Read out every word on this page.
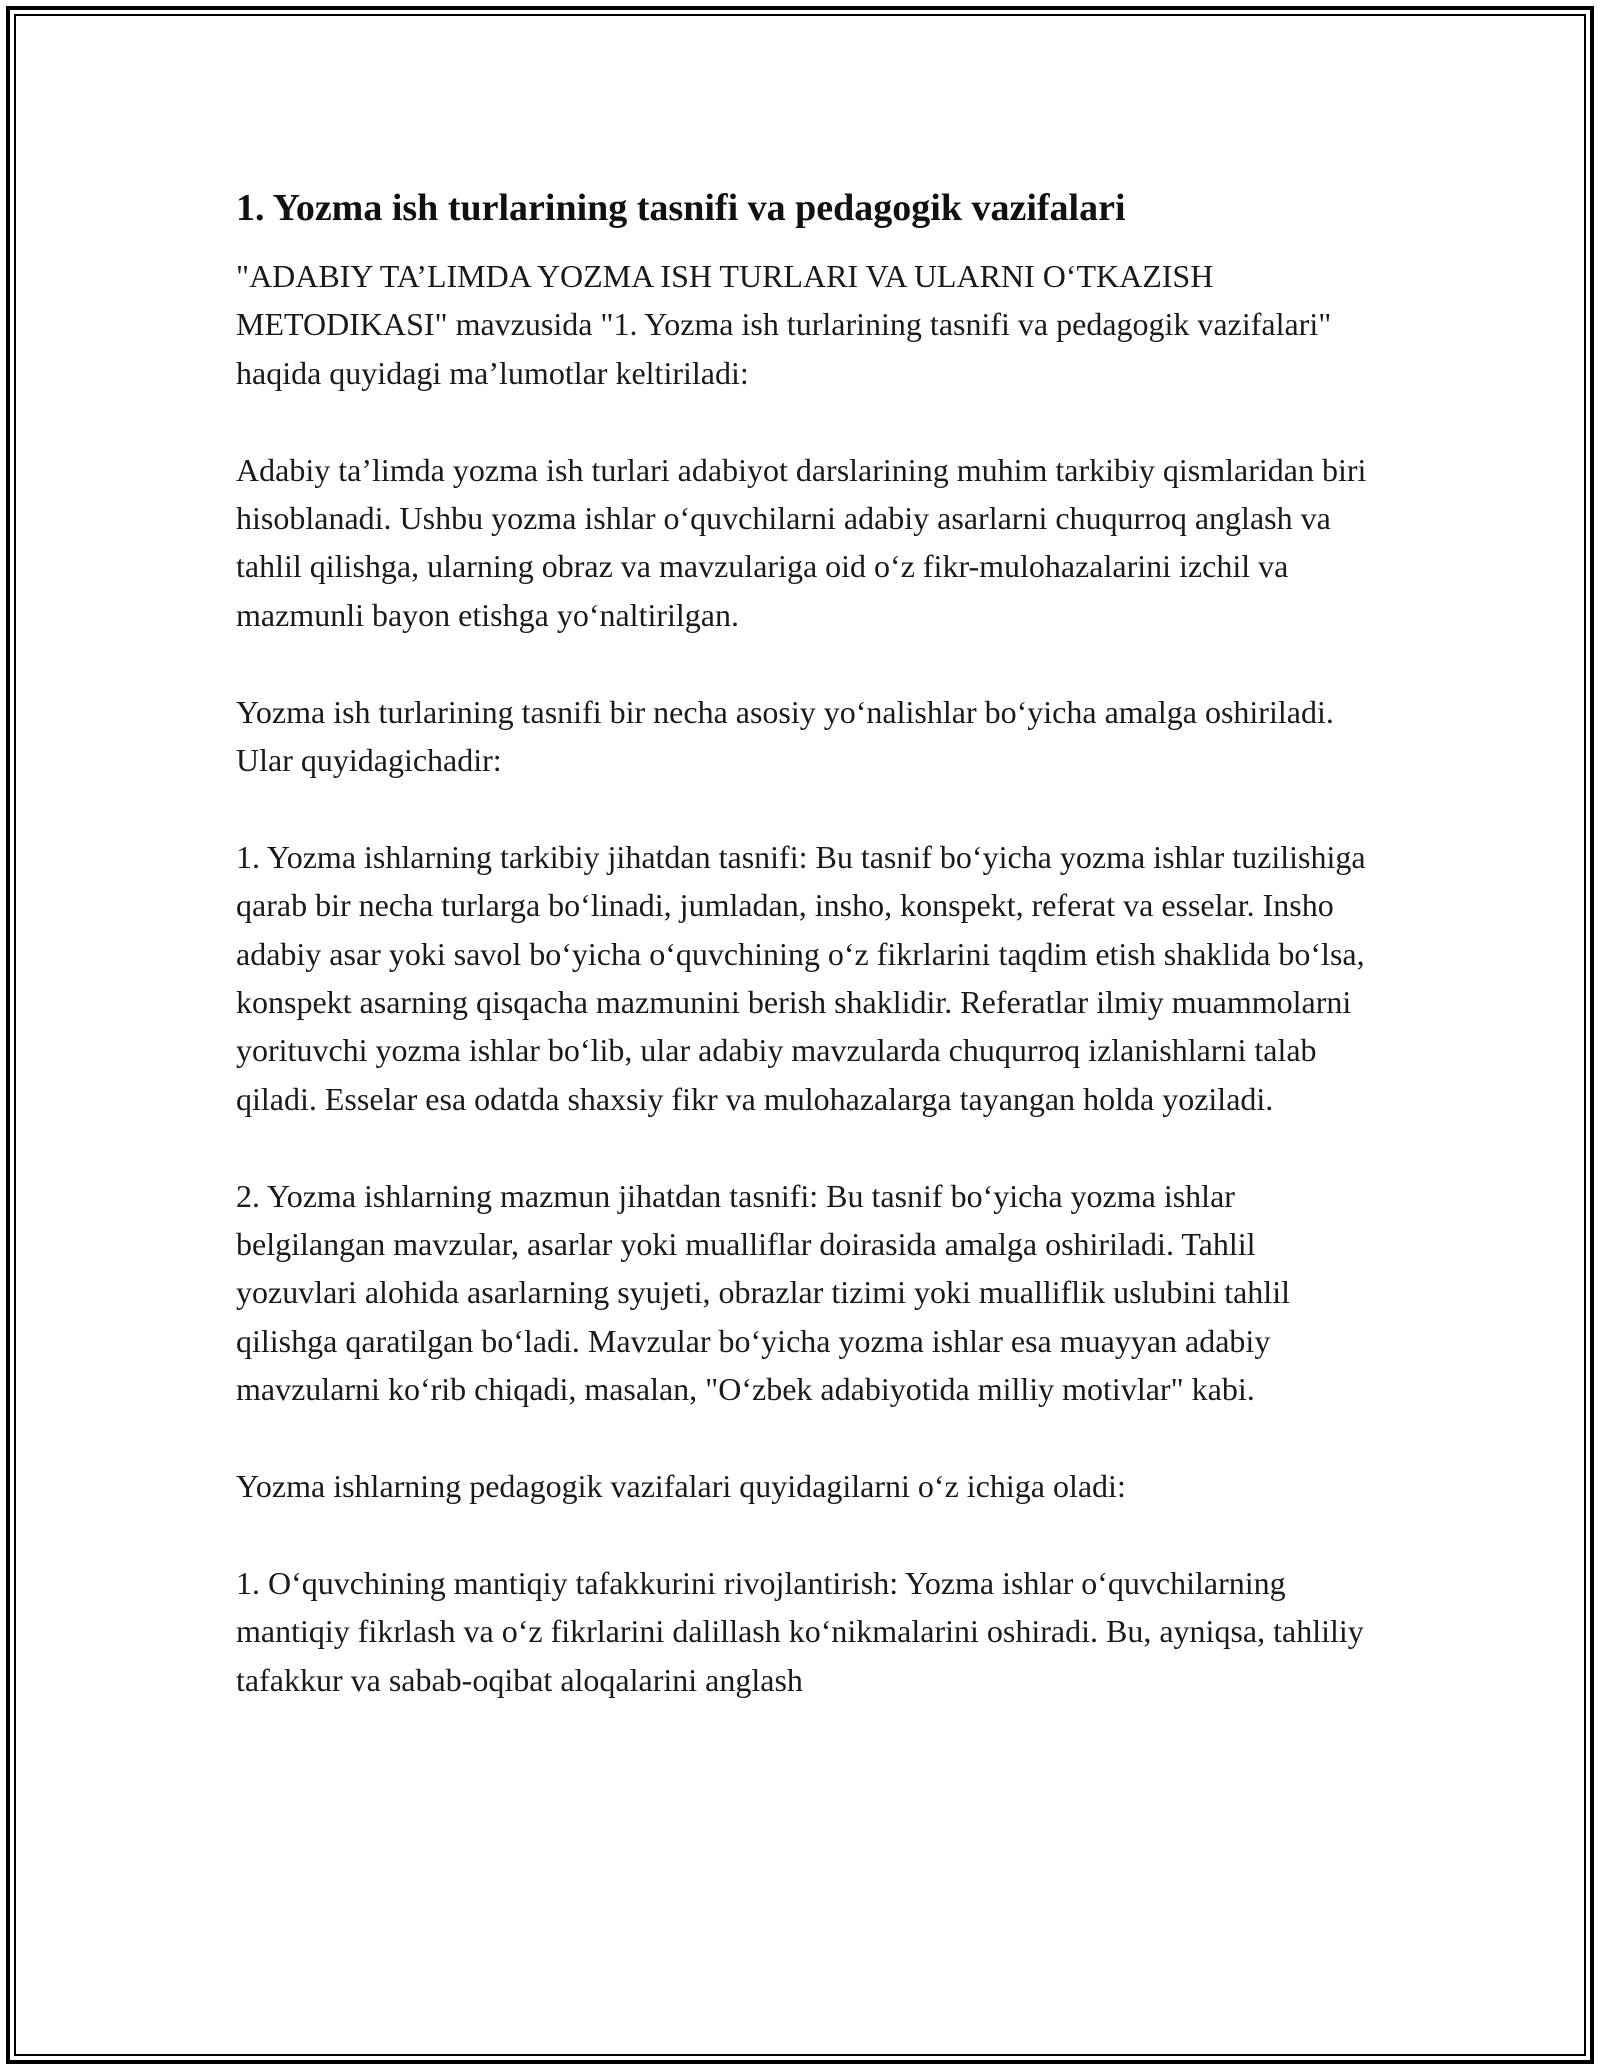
1. Yozma ish turlarining tasnifi va pedagogik vazifalari

"ADABIY TA’LIMDA YOZMA ISH TURLARI VA ULARNI O‘TKAZISH METODIKASI" mavzusida "1. Yozma ish turlarining tasnifi va pedagogik vazifalari" haqida quyidagi ma’lumotlar keltiriladi:

Adabiy ta’limda yozma ish turlari adabiyot darslarining muhim tarkibiy qismlaridan biri hisoblanadi. Ushbu yozma ishlar o‘quvchilarni adabiy asarlarni chuqurroq anglash va tahlil qilishga, ularning obraz va mavzulariga oid o‘z fikr-mulohazalarini izchil va mazmunli bayon etishga yo‘naltirilgan.

Yozma ish turlarining tasnifi bir necha asosiy yo‘nalishlar bo‘yicha amalga oshiriladi. Ular quyidagichadir:

1. Yozma ishlarning tarkibiy jihatdan tasnifi: Bu tasnif bo‘yicha yozma ishlar tuzilishiga qarab bir necha turlarga bo‘linadi, jumladan, insho, konspekt, referat va esselar. Insho adabiy asar yoki savol bo‘yicha o‘quvchining o‘z fikrlarini taqdim etish shaklida bo‘lsa, konspekt asarning qisqacha mazmunini berish shaklidir. Referatlar ilmiy muammolarni yorituvchi yozma ishlar bo‘lib, ular adabiy mavzularda chuqurroq izlanishlarni talab qiladi. Esselar esa odatda shaxsiy fikr va mulohazalarga tayangan holda yoziladi.

2. Yozma ishlarning mazmun jihatdan tasnifi: Bu tasnif bo‘yicha yozma ishlar belgilangan mavzular, asarlar yoki mualliflar doirasida amalga oshiriladi. Tahlil yozuvlari alohida asarlarning syujeti, obrazlar tizimi yoki mualliflik uslubini tahlil qilishga qaratilgan bo‘ladi. Mavzular bo‘yicha yozma ishlar esa muayyan adabiy mavzularni ko‘rib chiqadi, masalan, "O‘zbek adabiyotida milliy motivlar" kabi.

Yozma ishlarning pedagogik vazifalari quyidagilarni o‘z ichiga oladi:

1. O‘quvchining mantiqiy tafakkurini rivojlantirish: Yozma ishlar o‘quvchilarning mantiqiy fikrlash va o‘z fikrlarini dalillash ko‘nikmalarini oshiradi. Bu, ayniqsa, tahliliy tafakkur va sabab-oqibat aloqalarini anglash
